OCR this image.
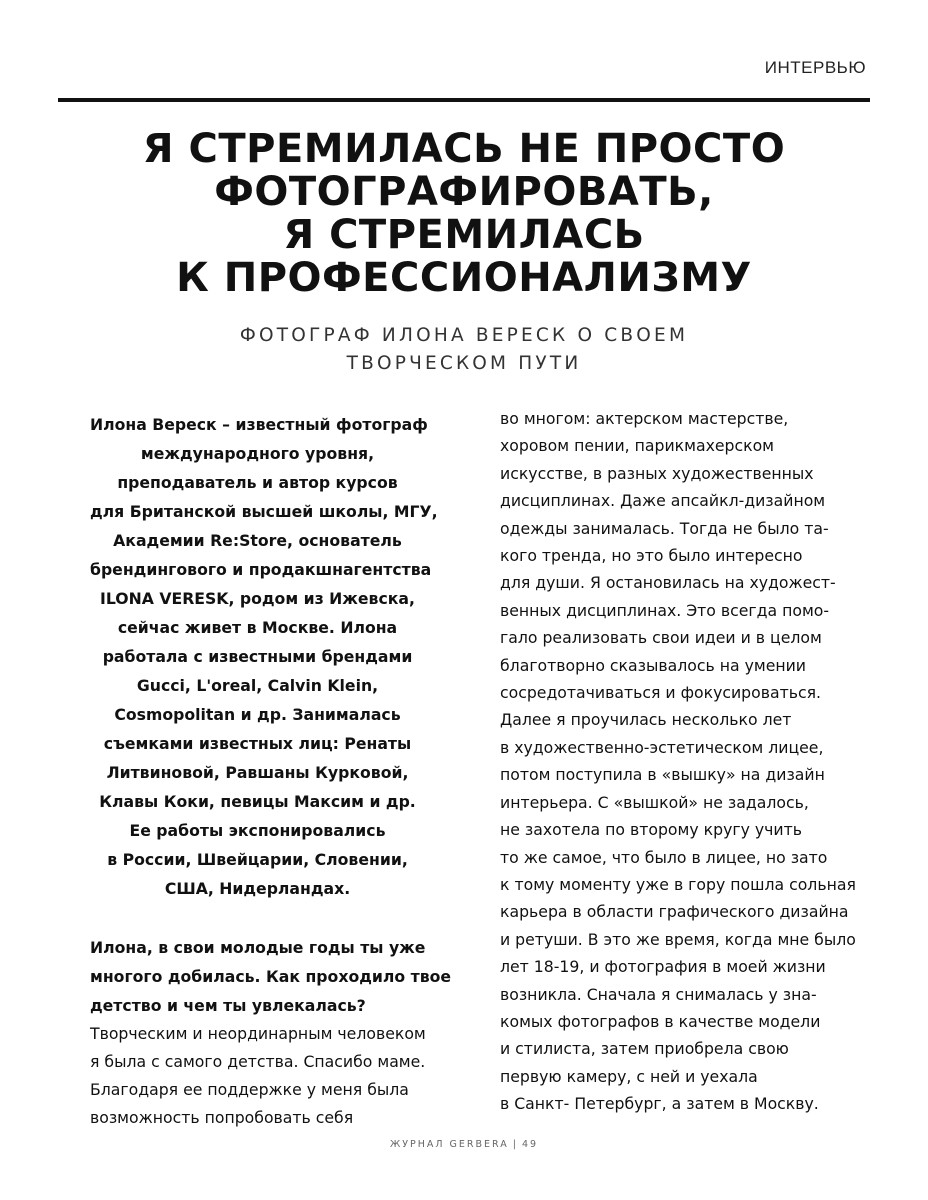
ИНТЕРВЬЮ
Я СТРЕМИЛАСЬ НЕ ПРОСТО
ФОТОГРАФИРОВАТЬ,
Я СТРЕМИЛАСЬ
К ПРОФЕССИОНАЛИЗМУ
ФОТОГРАФ ИЛОНА ВЕРЕСК О СВОЕМ
ТВОРЧЕСКОМ ПУТИ

Илона Вереск – известный фотограф
международного уровня,
преподаватель и автор курсов
для Британской высшей школы, МГУ,
Академии Re:Store, основатель
брендингового и продакшнагентства
ILONA VERESK, родом из Ижевска,
сейчас живет в Москве. Илона
работала с известными брендами
Gucci, L'oreal, Calvin Klein,
Cosmopolitan и др. Занималась
съемками известных лиц: Ренаты
Литвиновой, Равшаны Курковой,
Клавы Коки, певицы Максим и др.
Ее работы экспонировались
в России, Швейцарии, Словении,
США, Нидерландах.

Илона, в свои молодые годы ты уже
многого добилась. Как проходило твое
детство и чем ты увлекалась?

Творческим и неординарным человеком
я была с самого детства. Спасибо маме.
Благодаря ее поддержке у меня была
возможность попробовать себя

во многом: актерском мастерстве,
хоровом пении, парикмахерском
искусстве, в разных художественных
дисциплинах. Даже апсайкл-дизайном
одежды занималась. Тогда не было та-
кого тренда, но это было интересно
для души. Я остановилась на художест-
венных дисциплинах. Это всегда помо-
гало реализовать свои идеи и в целом
благотворно сказывалось на умении
сосредотачиваться и фокусироваться.
Далее я проучилась несколько лет
в художественно-эстетическом лицее,
потом поступила в «вышку» на дизайн
интерьера. С «вышкой» не задалось,
не захотела по второму кругу учить
то же самое, что было в лицее, но зато
к тому моменту уже в гору пошла сольная
карьера в области графического дизайна
и ретуши. В это же время, когда мне было
лет 18-19, и фотография в моей жизни
возникла. Сначала я снималась у зна-
комых фотографов в качестве модели
и стилиста, затем приобрела свою
первую камеру, с ней и уехала
в Санкт- Петербург, а затем в Москву.
ЖУРНАЛ GERBERA | 49
